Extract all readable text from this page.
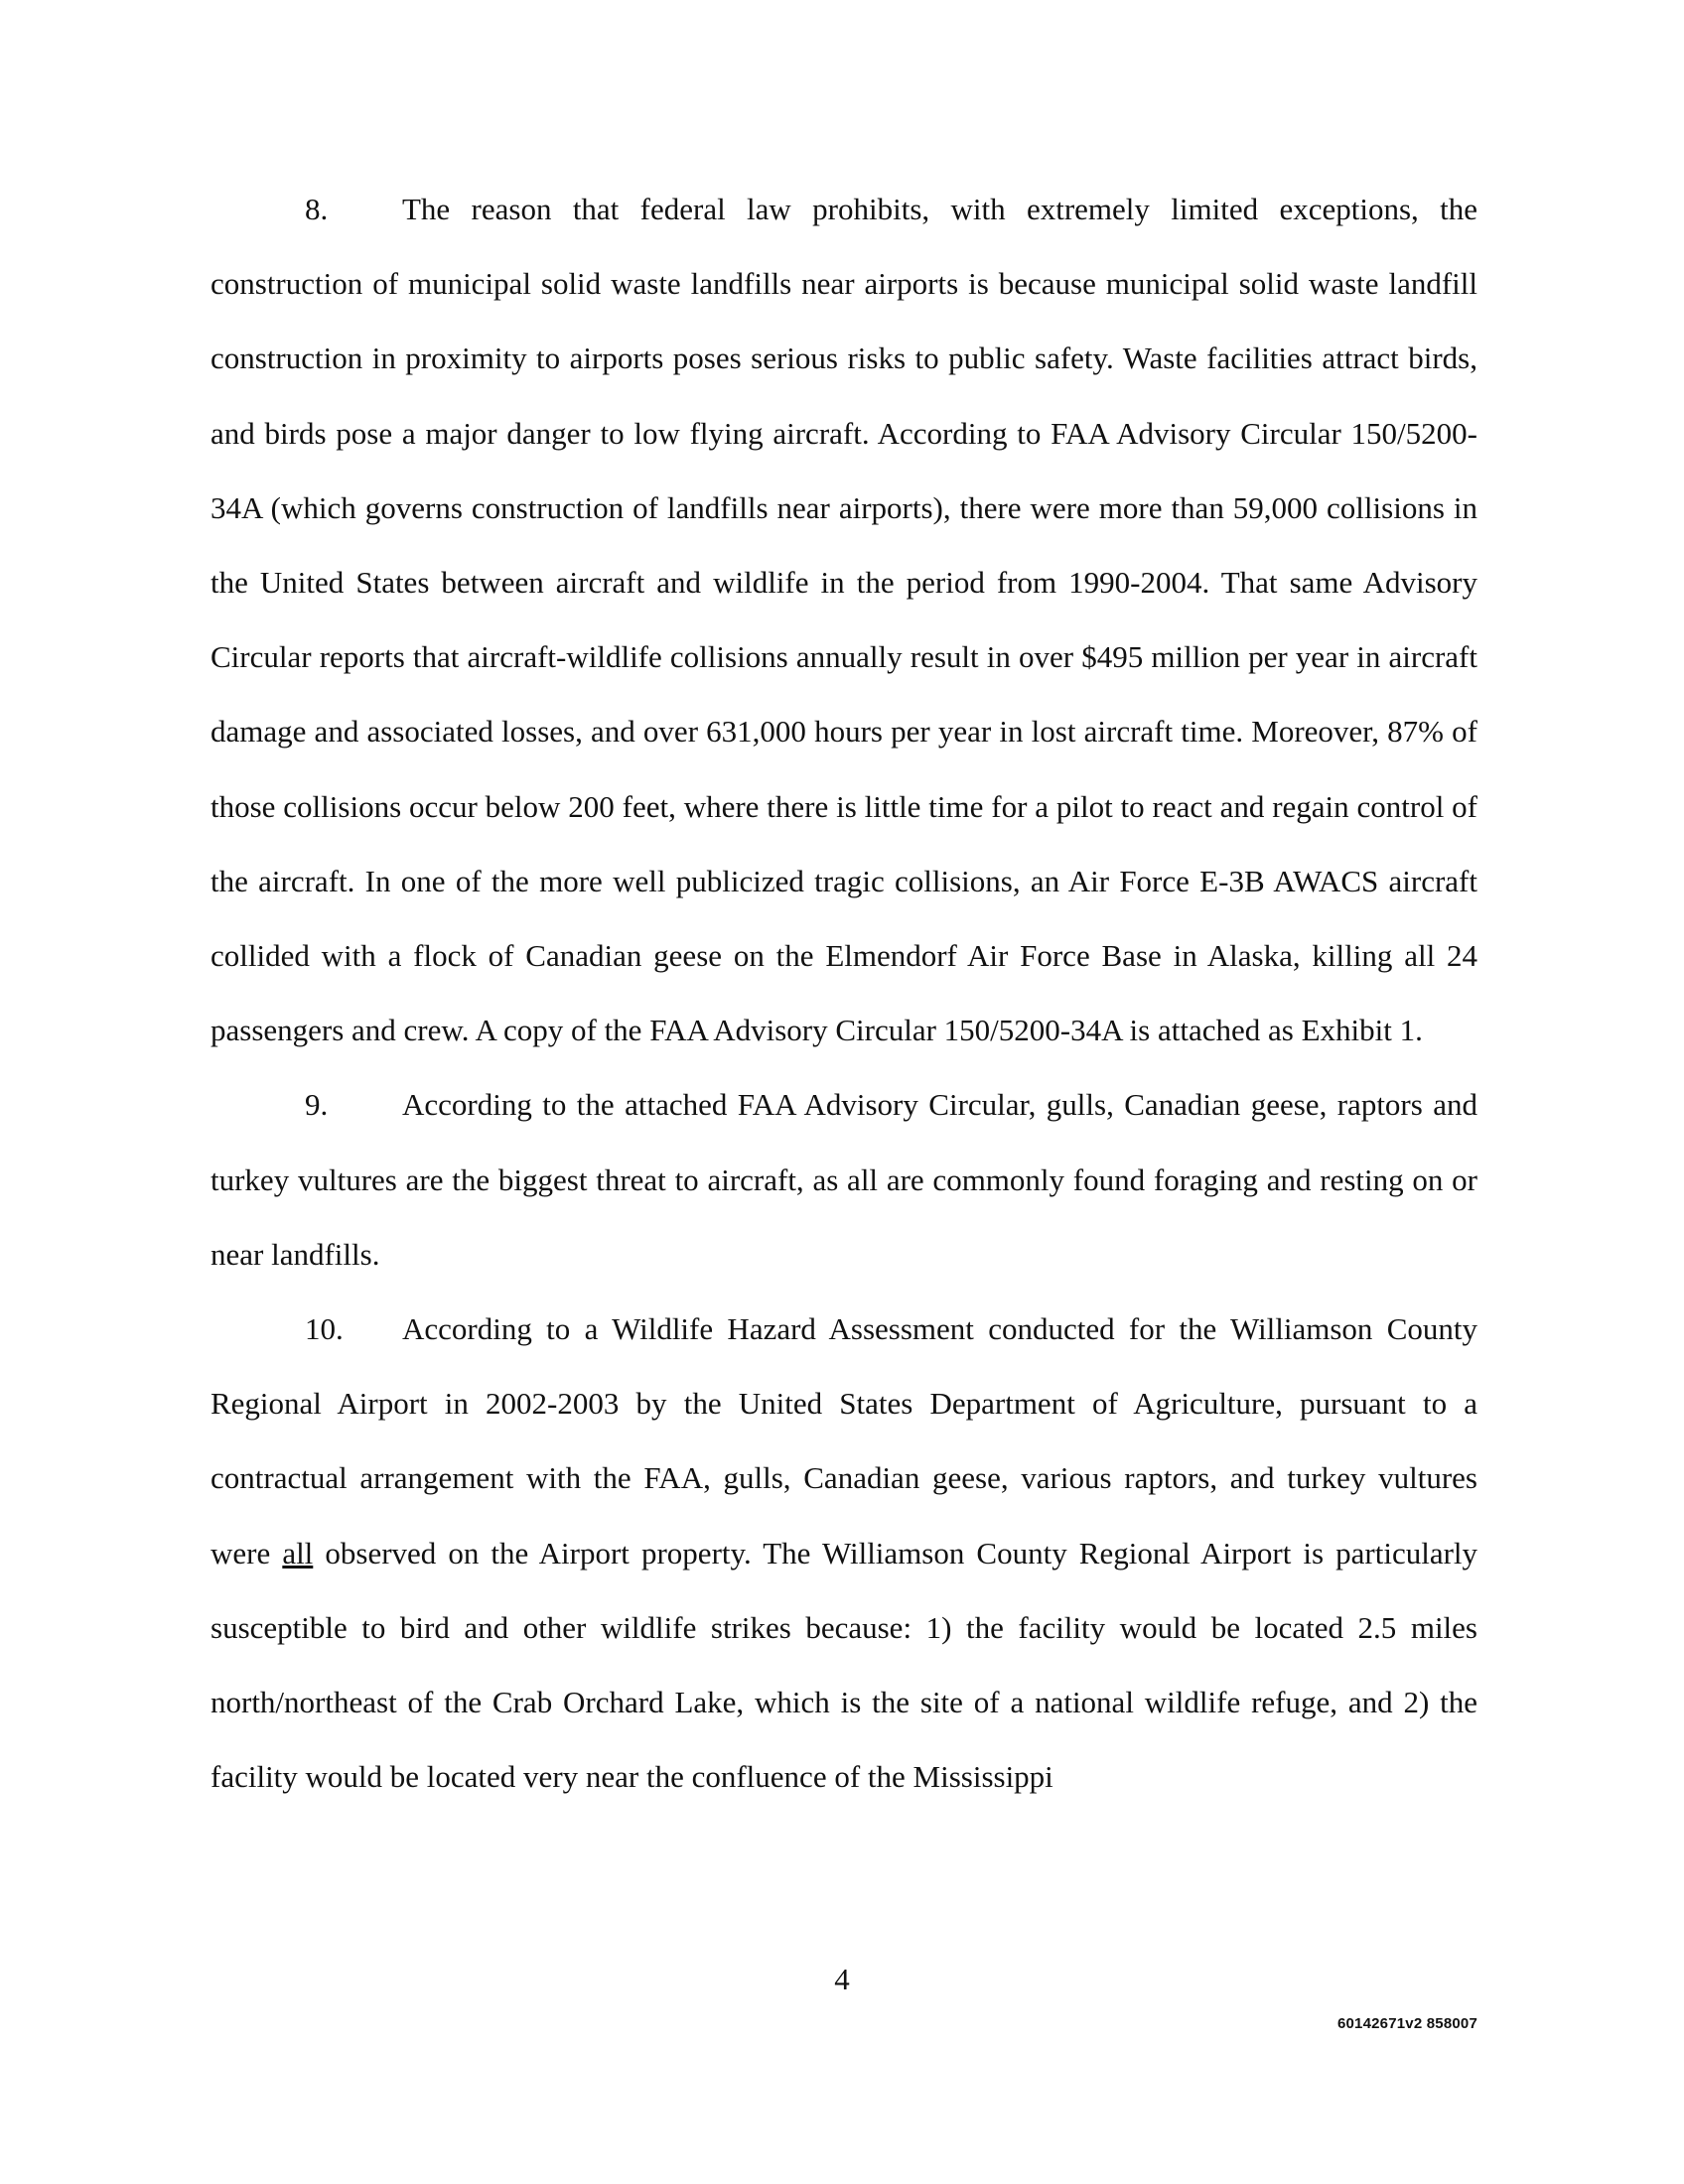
8. The reason that federal law prohibits, with extremely limited exceptions, the construction of municipal solid waste landfills near airports is because municipal solid waste landfill construction in proximity to airports poses serious risks to public safety. Waste facilities attract birds, and birds pose a major danger to low flying aircraft. According to FAA Advisory Circular 150/5200-34A (which governs construction of landfills near airports), there were more than 59,000 collisions in the United States between aircraft and wildlife in the period from 1990-2004. That same Advisory Circular reports that aircraft-wildlife collisions annually result in over $495 million per year in aircraft damage and associated losses, and over 631,000 hours per year in lost aircraft time. Moreover, 87% of those collisions occur below 200 feet, where there is little time for a pilot to react and regain control of the aircraft. In one of the more well publicized tragic collisions, an Air Force E-3B AWACS aircraft collided with a flock of Canadian geese on the Elmendorf Air Force Base in Alaska, killing all 24 passengers and crew. A copy of the FAA Advisory Circular 150/5200-34A is attached as Exhibit 1.

9. According to the attached FAA Advisory Circular, gulls, Canadian geese, raptors and turkey vultures are the biggest threat to aircraft, as all are commonly found foraging and resting on or near landfills.

10. According to a Wildlife Hazard Assessment conducted for the Williamson County Regional Airport in 2002-2003 by the United States Department of Agriculture, pursuant to a contractual arrangement with the FAA, gulls, Canadian geese, various raptors, and turkey vultures were all observed on the Airport property. The Williamson County Regional Airport is particularly susceptible to bird and other wildlife strikes because: 1) the facility would be located 2.5 miles north/northeast of the Crab Orchard Lake, which is the site of a national wildlife refuge, and 2) the facility would be located very near the confluence of the Mississippi

4
60142671v2 858007
